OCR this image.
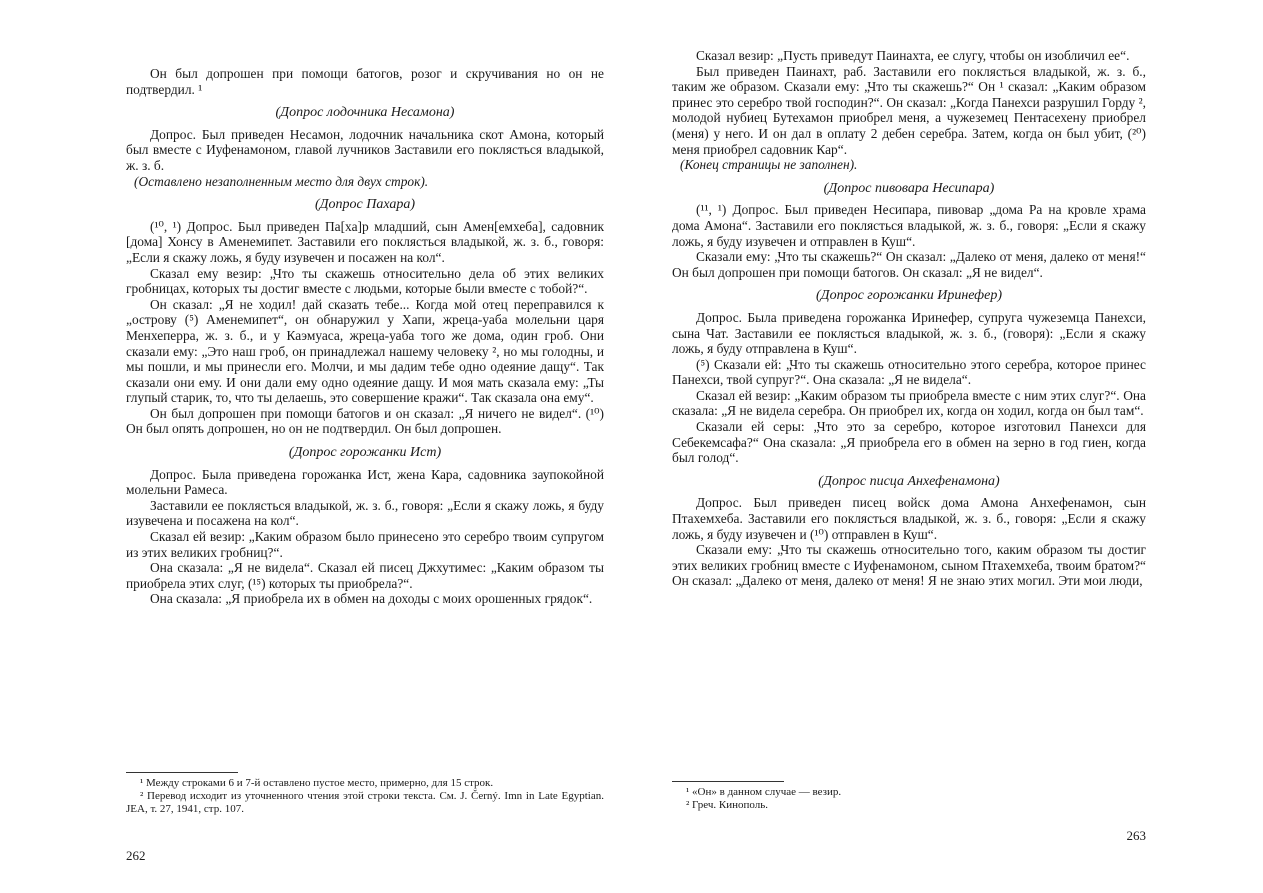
Он был допрошен при помощи батогов, розог и скручивания но он не подтвердил. ¹

(Допрос лодочника Несамона)

Допрос. Был приведен Несамон, лодочник начальника скот Амона, который был вместе с Иуфенамоном, главой лучников Заставили его поклясться владыкой, ж. з. б.

(Оставлено незаполненным место для двух строк).

(Допрос Пахара)

(¹⁰, ¹) Допрос. Был приведен Па[ха]р младший, сын Амен[емхеба], садовник [дома] Хонсу в Аменемипет. Заставили его поклясться владыкой, ж. з. б., говоря: „Если я скажу ложь, я буду изувечен и посажен на кол“.

Сказал ему везир: „Что ты скажешь относительно дела об этих великих гробницах, которых ты достиг вместе с людьми, которые были вместе с тобой?“.

Он сказал: „Я не ходил! дай сказать тебе... Когда мой отец переправился к „острову (⁵) Аменемипет“, он обнаружил у Хапи, жреца-уаба молельни царя Менхеперра, ж. з. б., и у Каэмуаса, жреца-уаба того же дома, один гроб. Они сказали ему: „Это наш гроб, он принадлежал нашему человеку ², но мы голодны, и мы пошли, и мы принесли его. Молчи, и мы дадим тебе одно одеяние дащу“. Так сказали они ему. И они дали ему одно одеяние дащу. И моя мать сказала ему: „Ты глупый старик, то, что ты делаешь, это совершение кражи“. Так сказала она ему“.

Он был допрошен при помощи батогов и он сказал: „Я ничего не видел“. (¹⁰) Он был опять допрошен, но он не подтвердил. Он был допрошен.

(Допрос горожанки Ист)

Допрос. Была приведена горожанка Ист, жена Кара, садовника заупокойной молельни Рамеса.

Заставили ее поклясться владыкой, ж. з. б., говоря: „Если я скажу ложь, я буду изувечена и посажена на кол“.

Сказал ей везир: „Каким образом было принесено это серебро твоим супругом из этих великих гробниц?“.

Она сказала: „Я не видела“. Сказал ей писец Джхутимес: „Каким образом ты приобрела этих слуг, (¹⁵) которых ты приобрела?“.

Она сказала: „Я приобрела их в обмен на доходы с моих орошенных грядок“.

¹ Между строками 6 и 7-й оставлено пустое место, примерно, для 15 строк.

² Перевод исходит из уточненного чтения этой строки текста. См. J. Černý. Imn in Late Egyptian. JEA, т. 27, 1941, стр. 107.

262

Сказал везир: „Пусть приведут Паинахта, ее слугу, чтобы он изобличил ее“.

Был приведен Паинахт, раб. Заставили его поклясться владыкой, ж. з. б., таким же образом. Сказали ему: „Что ты скажешь?“ Он ¹ сказал: „Каким образом принес это серебро твой господин?“. Он сказал: „Когда Панехси разрушил Горду ², молодой нубиец Бутехамон приобрел меня, а чужеземец Пентасехену приобрел (меня) у него. И он дал в оплату 2 дебен серебра. Затем, когда он был убит, (²⁰) меня приобрел садовник Кар“.

(Конец страницы не заполнен).

(Допрос пивовара Несипара)

(¹¹, ¹) Допрос. Был приведен Несипара, пивовар „дома Ра на кровле храма дома Амона“. Заставили его поклясться владыкой, ж. з. б., говоря: „Если я скажу ложь, я буду изувечен и отправлен в Куш“.

Сказали ему: „Что ты скажешь?“ Он сказал: „Далеко от меня, далеко от меня!“ Он был допрошен при помощи батогов. Он сказал: „Я не видел“.

(Допрос горожанки Иринефер)

Допрос. Была приведена горожанка Иринефер, супруга чужеземца Панехси, сына Чат. Заставили ее поклясться владыкой, ж. з. б., (говоря): „Если я скажу ложь, я буду отправлена в Куш“.

(⁵) Сказали ей: „Что ты скажешь относительно этого серебра, которое принес Панехси, твой супруг?“. Она сказала: „Я не видела“.

Сказал ей везир: „Каким образом ты приобрела вместе с ним этих слуг?“. Она сказала: „Я не видела серебра. Он приобрел их, когда он ходил, когда он был там“.

Сказали ей серы: „Что это за серебро, которое изготовил Панехси для Себекемсафа?“ Она сказала: „Я приобрела его в обмен на зерно в год гиен, когда был голод“.

(Допрос писца Анхефенамона)

Допрос. Был приведен писец войск дома Амона Анхефенамон, сын Птахемхеба. Заставили его поклясться владыкой, ж. з. б., говоря: „Если я скажу ложь, я буду изувечен и (¹⁰) отправлен в Куш“.

Сказали ему: „Что ты скажешь относительно того, каким образом ты достиг этих великих гробниц вместе с Иуфенамоном, сыном Птахемхеба, твоим братом?“ Он сказал: „Далеко от меня, далеко от меня! Я не знаю этих могил. Эти мои люди,

¹ «Он» в данном случае — везир.

² Греч. Кинополь.

263
